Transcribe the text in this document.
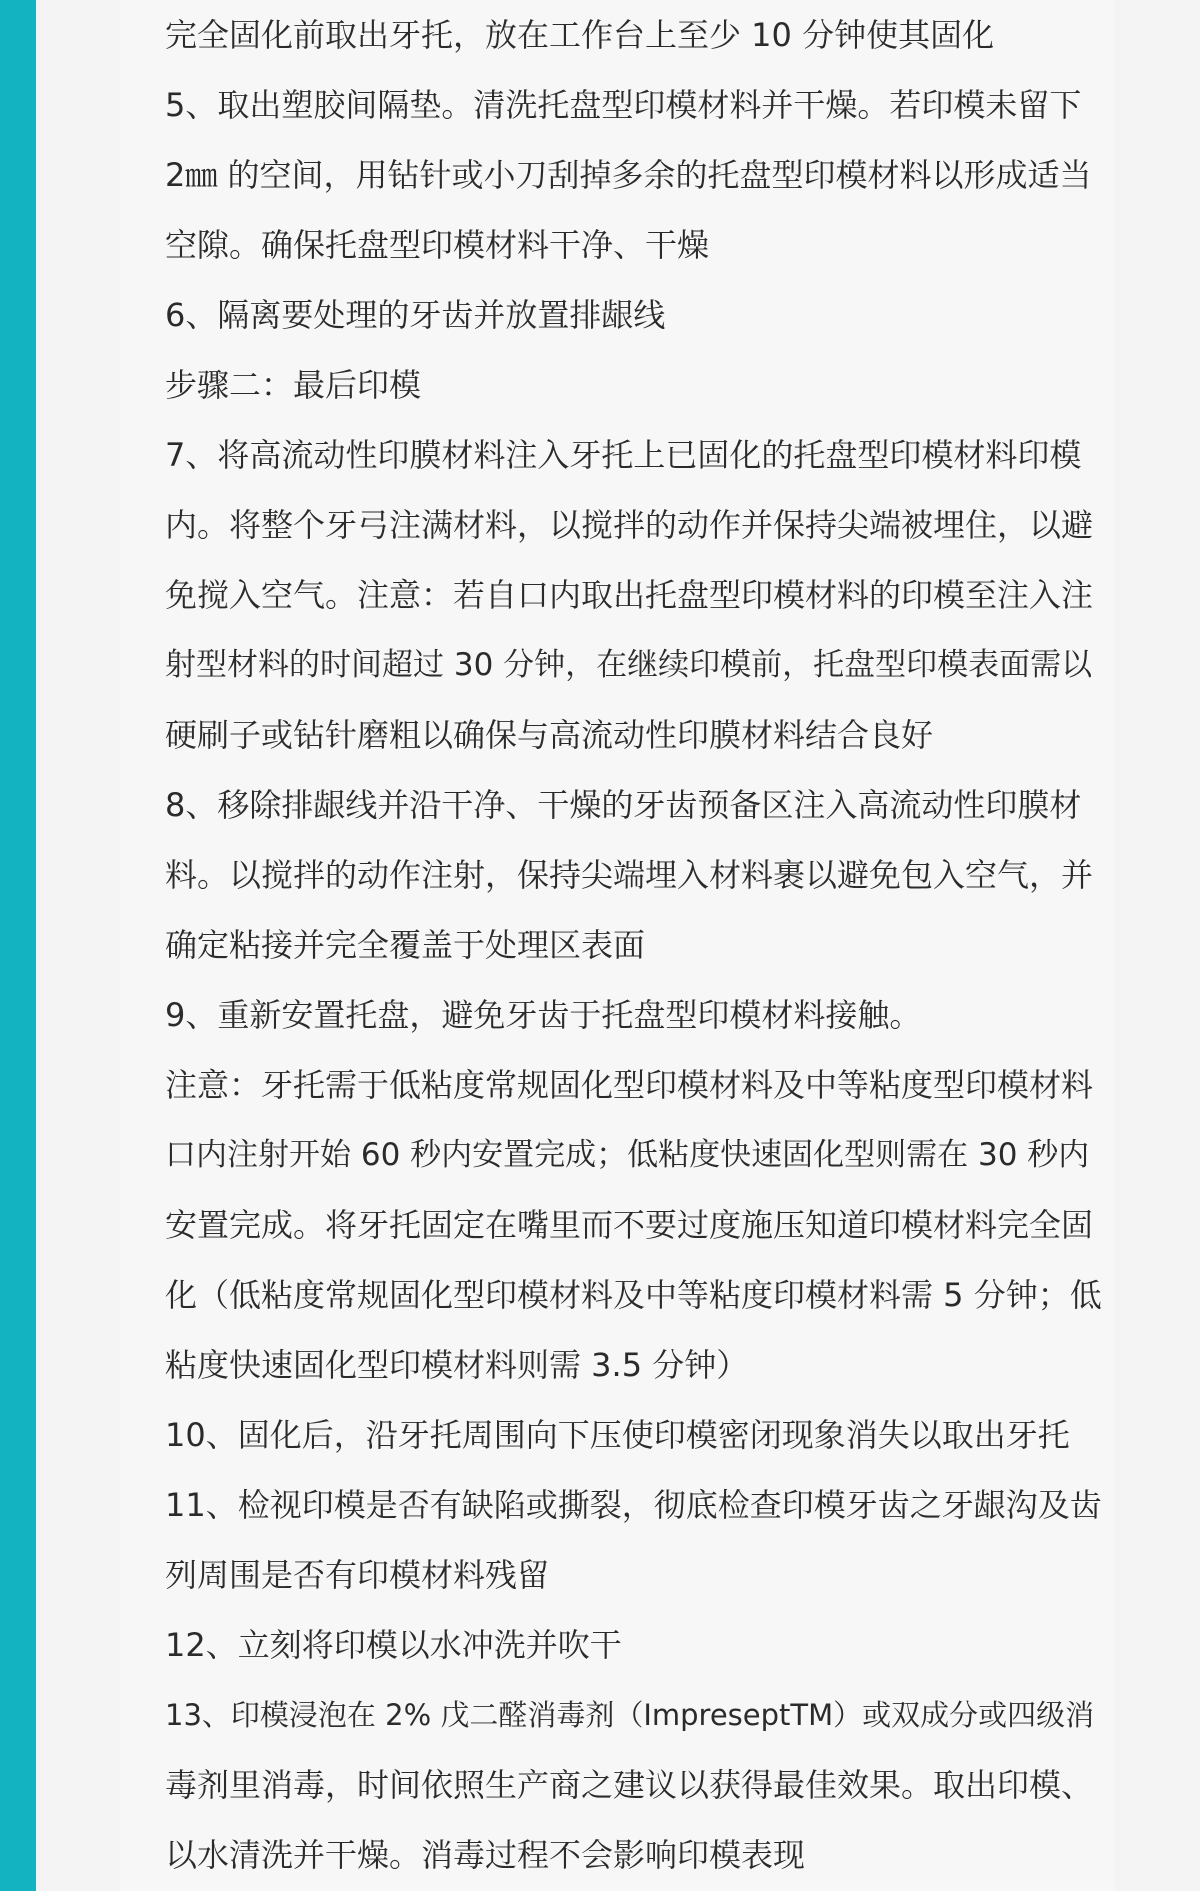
完全固化前取出牙托，放在工作台上至少 10 分钟使其固化
5、取出塑胶间隔垫。清洗托盘型印模材料并干燥。若印模未留下
2㎜ 的空间，用钻针或小刀刮掉多余的托盘型印模材料以形成适当
空隙。确保托盘型印模材料干净、干燥
6、隔离要处理的牙齿并放置排龈线
步骤二：最后印模
7、将高流动性印膜材料注入牙托上已固化的托盘型印模材料印模
内。将整个牙弓注满材料，以搅拌的动作并保持尖端被埋住，以避
免搅入空气。注意：若自口内取出托盘型印模材料的印模至注入注
射型材料的时间超过 30 分钟，在继续印模前，托盘型印模表面需以
硬刷子或钻针磨粗以确保与高流动性印膜材料结合良好
8、移除排龈线并沿干净、干燥的牙齿预备区注入高流动性印膜材
料。以搅拌的动作注射，保持尖端埋入材料裹以避免包入空气，并
确定粘接并完全覆盖于处理区表面
9、重新安置托盘，避免牙齿于托盘型印模材料接触。
注意：牙托需于低粘度常规固化型印模材料及中等粘度型印模材料
口内注射开始 60 秒内安置完成；低粘度快速固化型则需在 30 秒内
安置完成。将牙托固定在嘴里而不要过度施压知道印模材料完全固
化（低粘度常规固化型印模材料及中等粘度印模材料需 5 分钟；低
粘度快速固化型印模材料则需 3.5 分钟）
10、固化后，沿牙托周围向下压使印模密闭现象消失以取出牙托
11、检视印模是否有缺陷或撕裂，彻底检查印模牙齿之牙龈沟及齿
列周围是否有印模材料残留
12、立刻将印模以水冲洗并吹干
13、印模浸泡在 2% 戊二醛消毒剂（ImpreseptTM）或双成分或四级消
毒剂里消毒，时间依照生产商之建议以获得最佳效果。取出印模、
以水清洗并干燥。消毒过程不会影响印模表现
